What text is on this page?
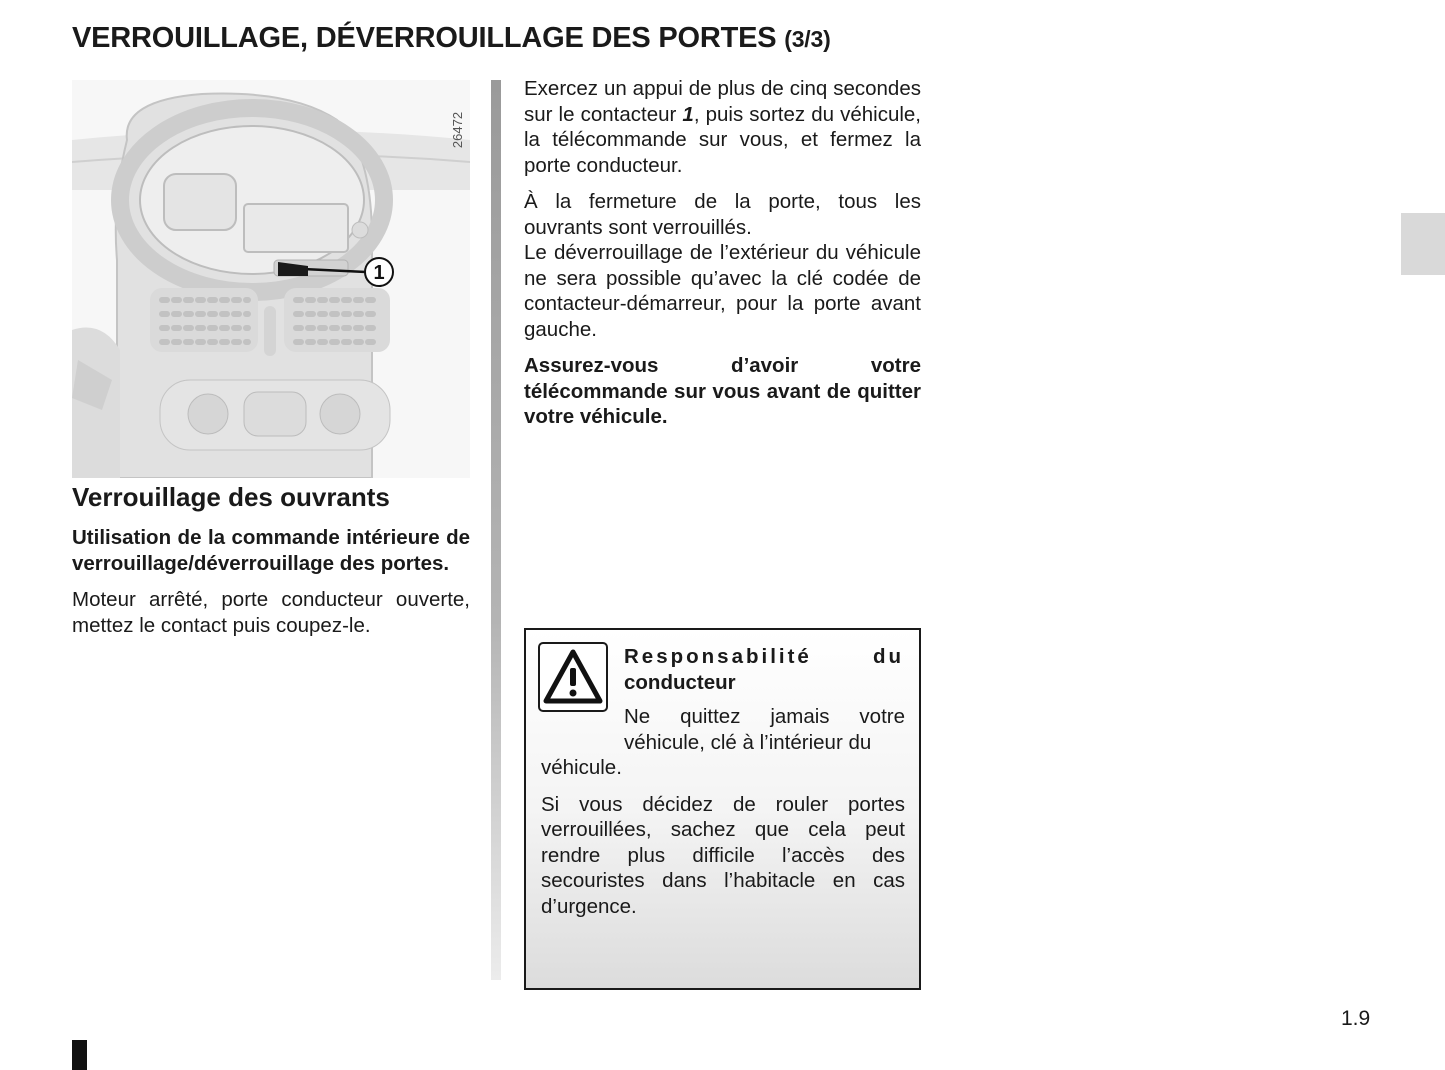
VERROUILLAGE, DÉVERROUILLAGE DES PORTES (3/3)
1
26472
Verrouillage des ouvrants

Utilisation de la commande intérieure de verrouillage/déverrouillage des portes.

Moteur arrêté, porte conducteur ouverte, mettez le contact puis coupez-le.

Exercez un appui de plus de cinq secondes sur le contacteur 1, puis sortez du véhicule, la télécommande sur vous, et fermez la porte conducteur.

À la fermeture de la porte, tous les ouvrants sont verrouillés.
Le déverrouillage de l’extérieur du véhicule ne sera possible qu’avec la clé codée de contacteur-démarreur, pour la porte avant gauche.

Assurez-vous d’avoir votre télécommande sur vous avant de quitter votre véhicule.

Responsabilité	du
conducteur

Ne quittez jamais votre véhicule, clé à l’intérieur du

véhicule.

Si vous décidez de rouler portes verrouillées, sachez que cela peut rendre plus difficile l’accès des secouristes dans l’habitacle en cas d’urgence.

1.9
